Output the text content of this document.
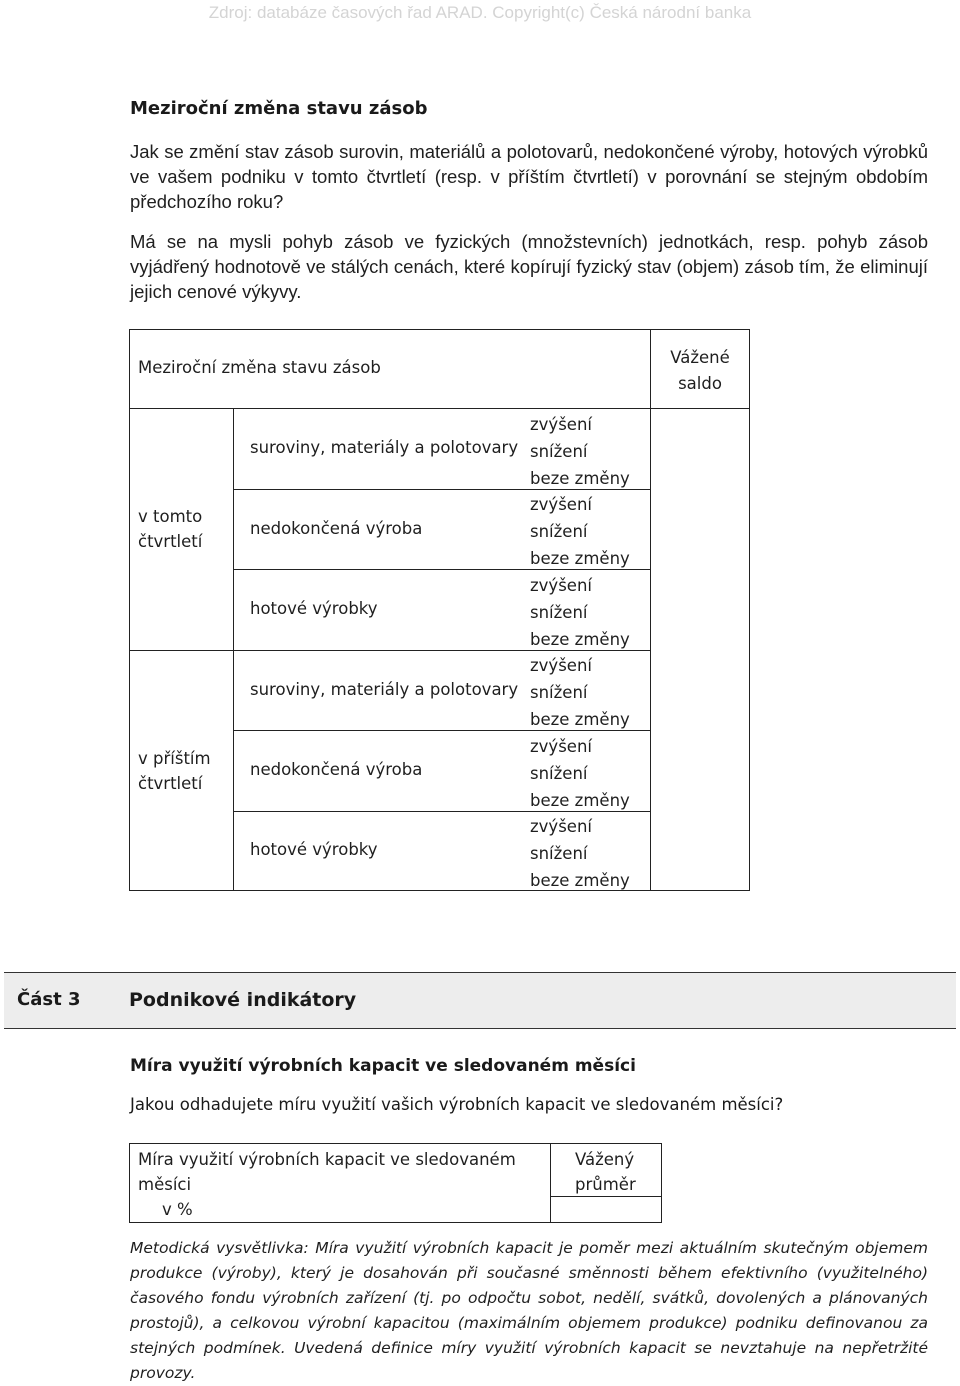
Zdroj: databáze časových řad ARAD. Copyright(c) Česká národní banka
Meziroční změna stavu zásob
Jak se změní stav zásob surovin, materiálů a polotovarů, nedokončené výroby, hotových výrobků ve vašem podniku v tomto čtvrtletí (resp. v příštím čtvrtletí) v porovnání se stejným obdobím předchozího roku?
Má se na mysli pohyb zásob ve fyzických (množstevních) jednotkách, resp. pohyb zásob vyjádřený hodnotově ve stálých cenách, které kopírují fyzický stav (objem) zásob tím, že eliminují jejich cenové výkyvy.
Meziroční změna stavu zásob
Vážené
saldo
v tomto
čtvrtletí
v příštím
čtvrtletí
suroviny, materiály a polotovary
zvýšení
snížení
beze změny
nedokončená výroba
zvýšení
snížení
beze změny
hotové výrobky
zvýšení
snížení
beze změny
suroviny, materiály a polotovary
zvýšení
snížení
beze změny
nedokončená výroba
zvýšení
snížení
beze změny
hotové výrobky
zvýšení
snížení
beze změny
Část 3	Podnikové indikátory
Míra využití výrobních kapacit ve sledovaném měsíci
Jakou odhadujete míru využití vašich výrobních kapacit ve sledovaném měsíci?
Míra využití výrobních kapacit ve sledovaném
měsíci
v %
Vážený
průměr
Metodická vysvětlivka: Míra využití výrobních kapacit je poměr mezi aktuálním skutečným objemem produkce (výroby), který je dosahován při současné směnnosti během efektivního (využitelného) časového fondu výrobních zařízení (tj. po odpočtu sobot, nedělí, svátků, dovolených a plánovaných prostojů), a celkovou výrobní kapacitou (maximálním objemem produkce) podniku definovanou za stejných podmínek. Uvedená definice míry využití výrobních kapacit se nevztahuje na nepřetržité provozy.
